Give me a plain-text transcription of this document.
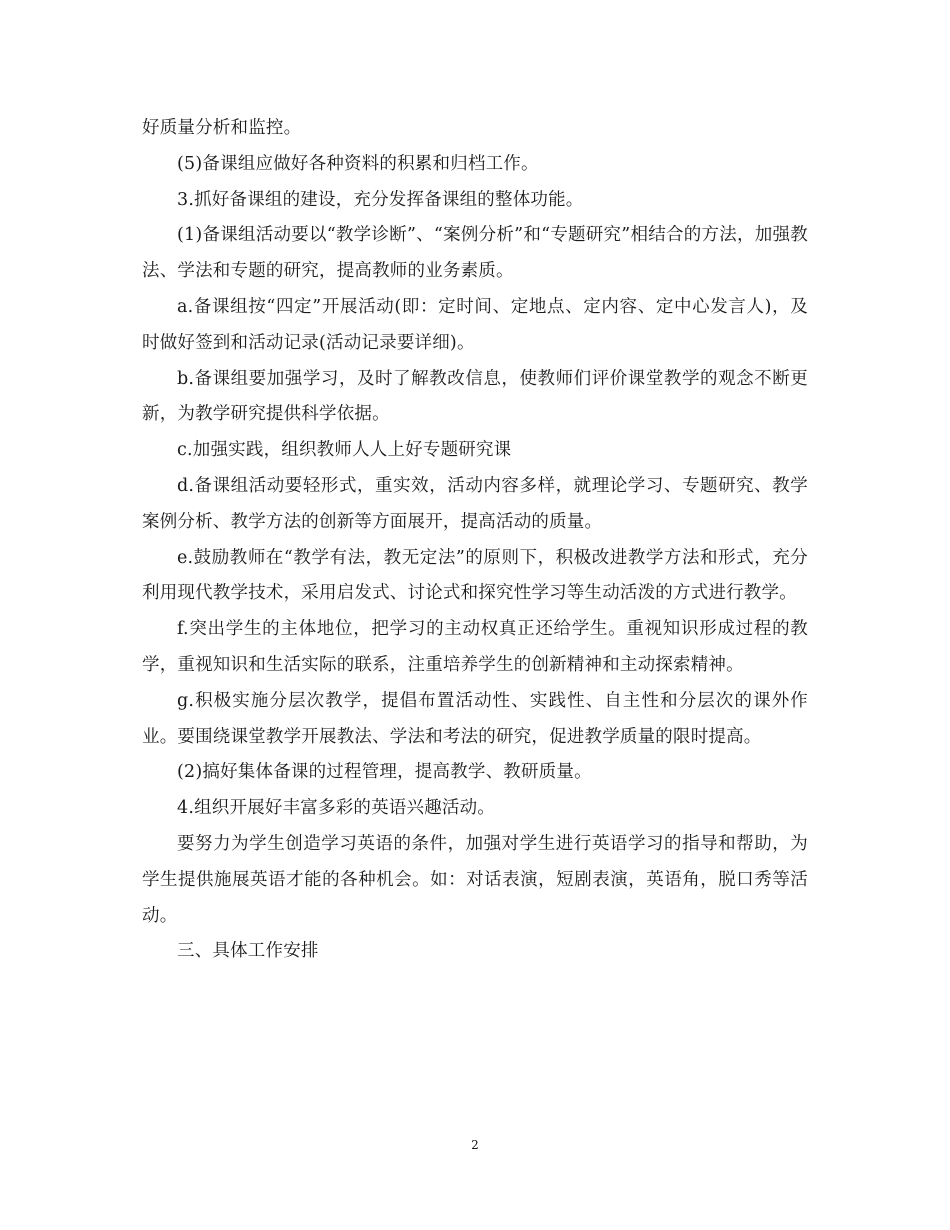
好质量分析和监控。

(5)备课组应做好各种资料的积累和归档工作。

3.抓好备课组的建设，充分发挥备课组的整体功能。

(1)备课组活动要以“教学诊断”、“案例分析”和“专题研究”相结合的方法，加强教法、学法和专题的研究，提高教师的业务素质。

a.备课组按“四定”开展活动(即：定时间、定地点、定内容、定中心发言人)，及时做好签到和活动记录(活动记录要详细)。

b.备课组要加强学习，及时了解教改信息，使教师们评价课堂教学的观念不断更新，为教学研究提供科学依据。

c.加强实践，组织教师人人上好专题研究课

d.备课组活动要轻形式，重实效，活动内容多样，就理论学习、专题研究、教学案例分析、教学方法的创新等方面展开，提高活动的质量。

e.鼓励教师在“教学有法，教无定法”的原则下，积极改进教学方法和形式，充分利用现代教学技术，采用启发式、讨论式和探究性学习等生动活泼的方式进行教学。

f.突出学生的主体地位，把学习的主动权真正还给学生。重视知识形成过程的教学，重视知识和生活实际的联系，注重培养学生的创新精神和主动探索精神。

g.积极实施分层次教学，提倡布置活动性、实践性、自主性和分层次的课外作业。要围绕课堂教学开展教法、学法和考法的研究，促进教学质量的限时提高。

(2)搞好集体备课的过程管理，提高教学、教研质量。

4.组织开展好丰富多彩的英语兴趣活动。

要努力为学生创造学习英语的条件，加强对学生进行英语学习的指导和帮助，为学生提供施展英语才能的各种机会。如：对话表演，短剧表演，英语角，脱口秀等活动。

三、具体工作安排

2
